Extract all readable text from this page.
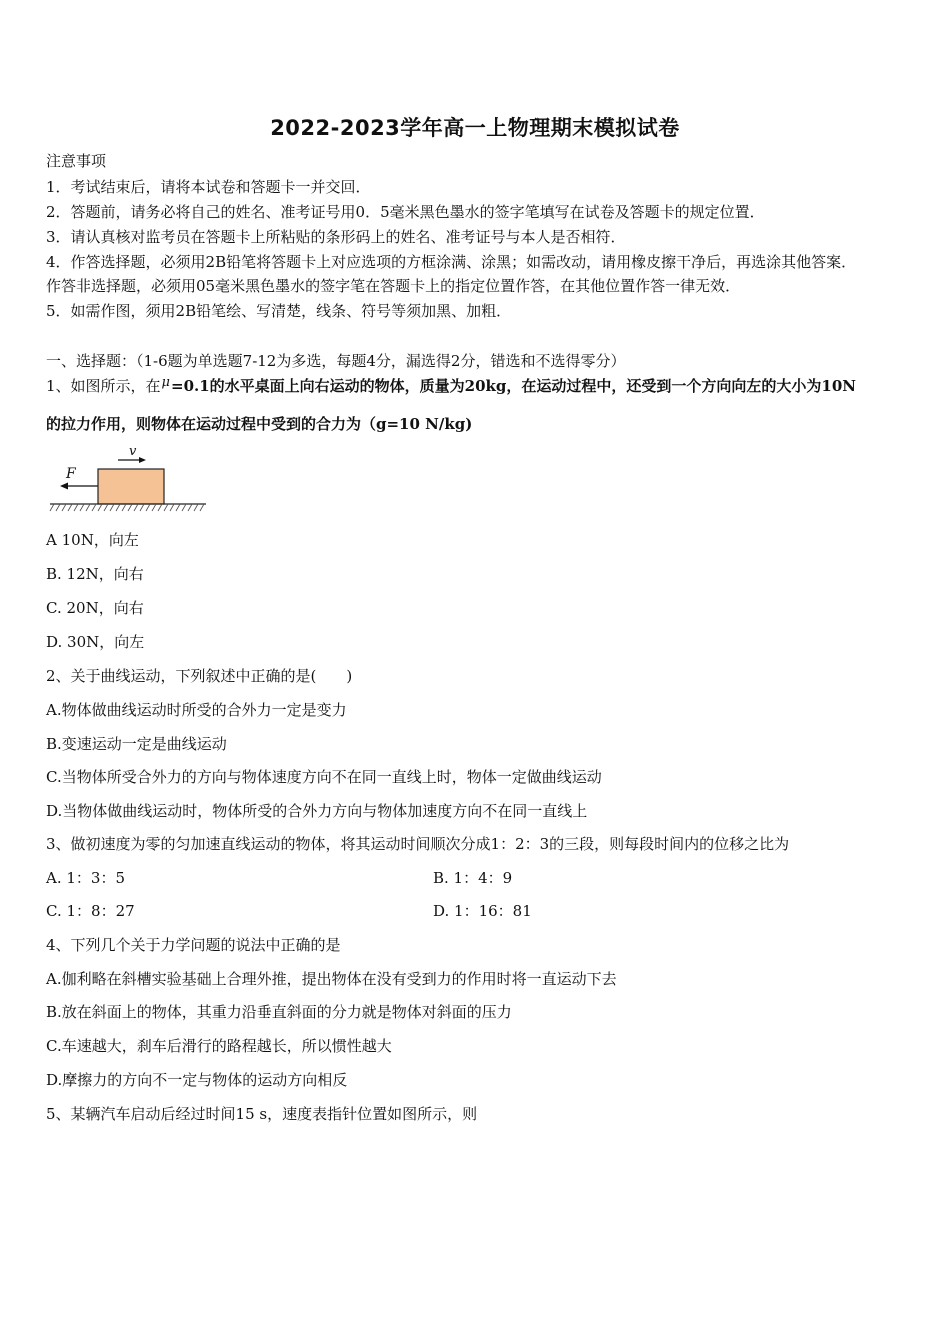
2022-2023学年高一上物理期末模拟试卷
注意事项
1．考试结束后，请将本试卷和答题卡一并交回．
2．答题前，请务必将自己的姓名、准考证号用0．5毫米黑色墨水的签字笔填写在试卷及答题卡的规定位置．
3．请认真核对监考员在答题卡上所粘贴的条形码上的姓名、准考证号与本人是否相符．
4．作答选择题，必须用2B铅笔将答题卡上对应选项的方框涂满、涂黑；如需改动，请用橡皮擦干净后，再选涂其他答案．
作答非选择题，必须用05毫米黑色墨水的签字笔在答题卡上的指定位置作答，在其他位置作答一律无效．
5．如需作图，须用2B铅笔绘、写清楚，线条、符号等须加黑、加粗．
一、选择题：（1-6题为单选题7-12为多选，每题4分，漏选得2分，错选和不选得零分）
1、如图所示，在μ=0.1的水平桌面上向右运动的物体，质量为20kg，在运动过程中，还受到一个方向向左的大小为10N
的拉力作用，则物体在运动过程中受到的合力为（g=10 N/kg)
v
F
A 10N，向左
B. 12N，向右
C. 20N，向右
D. 30N，向左
2、关于曲线运动，下列叙述中正确的是(　　)
A.物体做曲线运动时所受的合外力一定是变力
B.变速运动一定是曲线运动
C.当物体所受合外力的方向与物体速度方向不在同一直线上时，物体一定做曲线运动
D.当物体做曲线运动时，物体所受的合外力方向与物体加速度方向不在同一直线上
3、做初速度为零的匀加速直线运动的物体，将其运动时间顺次分成1：2：3的三段，则每段时间内的位移之比为
A. 1：3：5	B. 1：4：9
C. 1：8：27	D. 1：16：81
4、下列几个关于力学问题的说法中正确的是
A.伽利略在斜槽实验基础上合理外推，提出物体在没有受到力的作用时将一直运动下去
B.放在斜面上的物体，其重力沿垂直斜面的分力就是物体对斜面的压力
C.车速越大，刹车后滑行的路程越长，所以惯性越大
D.摩擦力的方向不一定与物体的运动方向相反
5、某辆汽车启动后经过时间15 s，速度表指针位置如图所示，则
